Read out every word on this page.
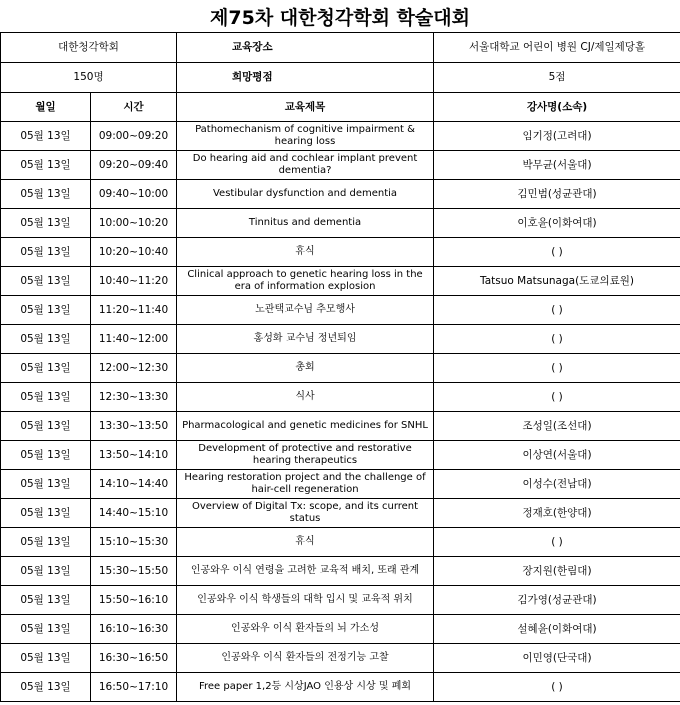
제75차 대한청각학회 학술대회
대한청각학회		교육장소	서울대학교 어린이 병원 CJ/제일제당홀
150명		희망평점	5점
월일	시간	교육제목	강사명(소속)
05월 13일	09:00~09:20	Pathomechanism of cognitive impairment & hearing loss	임기정(고려대)
05월 13일	09:20~09:40	Do hearing aid and cochlear implant prevent dementia?	박무균(서울대)
05월 13일	09:40~10:00	Vestibular dysfunction and dementia	김민범(성균관대)
05월 13일	10:00~10:20	Tinnitus and dementia	이호윤(이화여대)
05월 13일	10:20~10:40	휴식	( )
05월 13일	10:40~11:20	Clinical approach to genetic hearing loss in the era of information explosion	Tatsuo Matsunaga(도쿄의료원)
05월 13일	11:20~11:40	노관택교수님 추모행사	( )
05월 13일	11:40~12:00	홍성화 교수님 정년퇴임	( )
05월 13일	12:00~12:30	총회	( )
05월 13일	12:30~13:30	식사	( )
05월 13일	13:30~13:50	Pharmacological and genetic medicines for SNHL	조성일(조선대)
05월 13일	13:50~14:10	Development of protective and restorative hearing therapeutics	이상연(서울대)
05월 13일	14:10~14:40	Hearing restoration project and the challenge of hair-cell regeneration	이성수(전남대)
05월 13일	14:40~15:10	Overview of Digital Tx: scope, and its current status	정재호(한양대)
05월 13일	15:10~15:30	휴식	( )
05월 13일	15:30~15:50	인공와우 이식 연령을 고려한 교육적 배치, 또래 관계	장지원(한림대)
05월 13일	15:50~16:10	인공와우 이식 학생들의 대학 입시 및 교육적 위치	김가영(성균관대)
05월 13일	16:10~16:30	인공와우 이식 환자들의 뇌 가소성	설혜윤(이화여대)
05월 13일	16:30~16:50	인공와우 이식 환자들의 전정기능 고찰	이민영(단국대)
05월 13일	16:50~17:10	Free paper 1,2등 시상JAO 인용상 시상 및 폐회	( )
